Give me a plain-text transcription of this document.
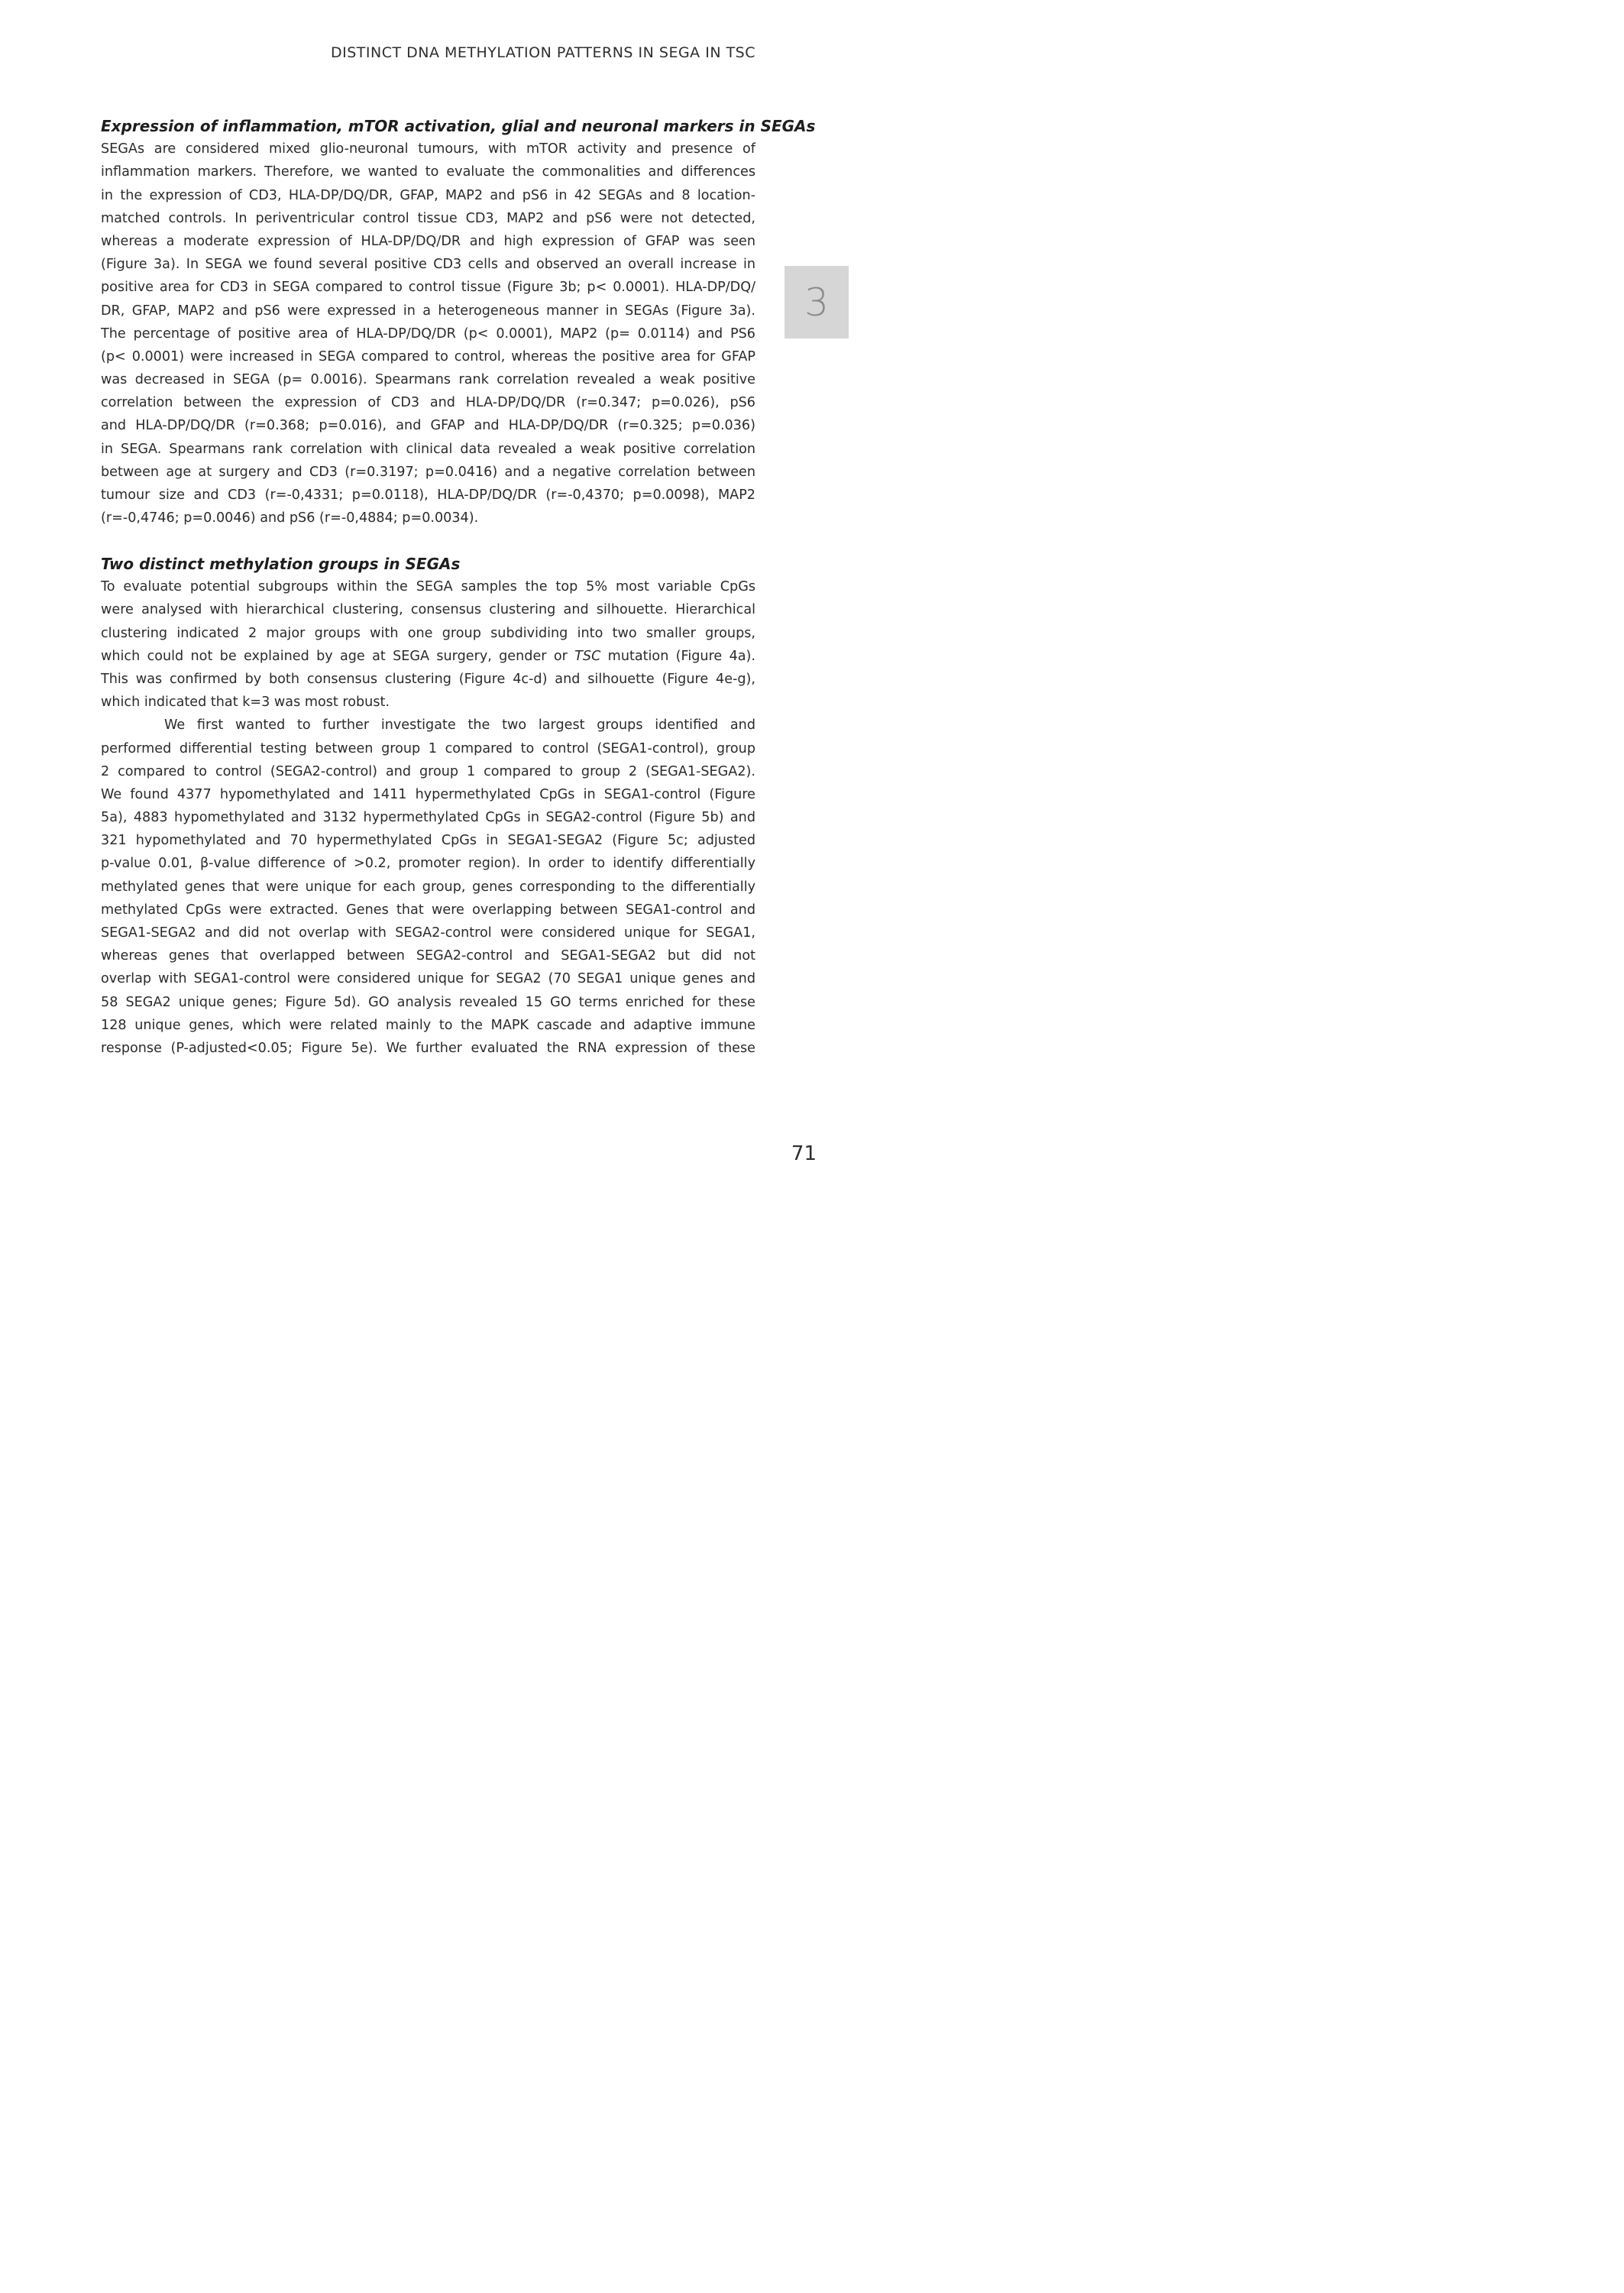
DISTINCT DNA METHYLATION PATTERNS IN SEGA IN TSC
3
Expression of inflammation, mTOR activation, glial and neuronal markers in SEGAs
SEGAs are considered mixed glio-neuronal tumours, with mTOR activity and presence of
inflammation markers. Therefore, we wanted to evaluate the commonalities and differences
in the expression of CD3, HLA-DP/DQ/DR, GFAP, MAP2 and pS6 in 42 SEGAs and 8 location-
matched controls. In periventricular control tissue CD3, MAP2 and pS6 were not detected,
whereas a moderate expression of HLA-DP/DQ/DR and high expression of GFAP was seen
(Figure 3a). In SEGA we found several positive CD3 cells and observed an overall increase in
positive area for CD3 in SEGA compared to control tissue (Figure 3b; p< 0.0001). HLA-DP/DQ/
DR, GFAP, MAP2 and pS6 were expressed in a heterogeneous manner in SEGAs (Figure 3a).
The percentage of positive area of HLA-DP/DQ/DR (p< 0.0001), MAP2 (p= 0.0114) and PS6
(p< 0.0001) were increased in SEGA compared to control, whereas the positive area for GFAP
was decreased in SEGA (p= 0.0016). Spearmans rank correlation revealed a weak positive
correlation between the expression of CD3 and HLA-DP/DQ/DR (r=0.347; p=0.026), pS6
and HLA-DP/DQ/DR (r=0.368; p=0.016), and GFAP and HLA-DP/DQ/DR (r=0.325; p=0.036)
in SEGA. Spearmans rank correlation with clinical data revealed a weak positive correlation
between age at surgery and CD3 (r=0.3197; p=0.0416) and a negative correlation between
tumour size and CD3 (r=-0,4331; p=0.0118), HLA-DP/DQ/DR (r=-0,4370; p=0.0098), MAP2
(r=-0,4746; p=0.0046) and pS6 (r=-0,4884; p=0.0034).
Two distinct methylation groups in SEGAs
To evaluate potential subgroups within the SEGA samples the top 5% most variable CpGs
were analysed with hierarchical clustering, consensus clustering and silhouette. Hierarchical
clustering indicated 2 major groups with one group subdividing into two smaller groups,
which could not be explained by age at SEGA surgery, gender or TSC mutation (Figure 4a).
This was confirmed by both consensus clustering (Figure 4c-d) and silhouette (Figure 4e-g),
which indicated that k=3 was most robust.
We first wanted to further investigate the two largest groups identified and
performed differential testing between group 1 compared to control (SEGA1-control), group
2 compared to control (SEGA2-control) and group 1 compared to group 2 (SEGA1-SEGA2).
We found 4377 hypomethylated and 1411 hypermethylated CpGs in SEGA1-control (Figure
5a), 4883 hypomethylated and 3132 hypermethylated CpGs in SEGA2-control (Figure 5b) and
321 hypomethylated and 70 hypermethylated CpGs in SEGA1-SEGA2 (Figure 5c; adjusted
p-value 0.01, β-value difference of >0.2, promoter region). In order to identify differentially
methylated genes that were unique for each group, genes corresponding to the differentially
methylated CpGs were extracted. Genes that were overlapping between SEGA1-control and
SEGA1-SEGA2 and did not overlap with SEGA2-control were considered unique for SEGA1,
whereas genes that overlapped between SEGA2-control and SEGA1-SEGA2 but did not
overlap with SEGA1-control were considered unique for SEGA2 (70 SEGA1 unique genes and
58 SEGA2 unique genes; Figure 5d). GO analysis revealed 15 GO terms enriched for these
128 unique genes, which were related mainly to the MAPK cascade and adaptive immune
response (P-adjusted<0.05; Figure 5e). We further evaluated the RNA expression of these
71
